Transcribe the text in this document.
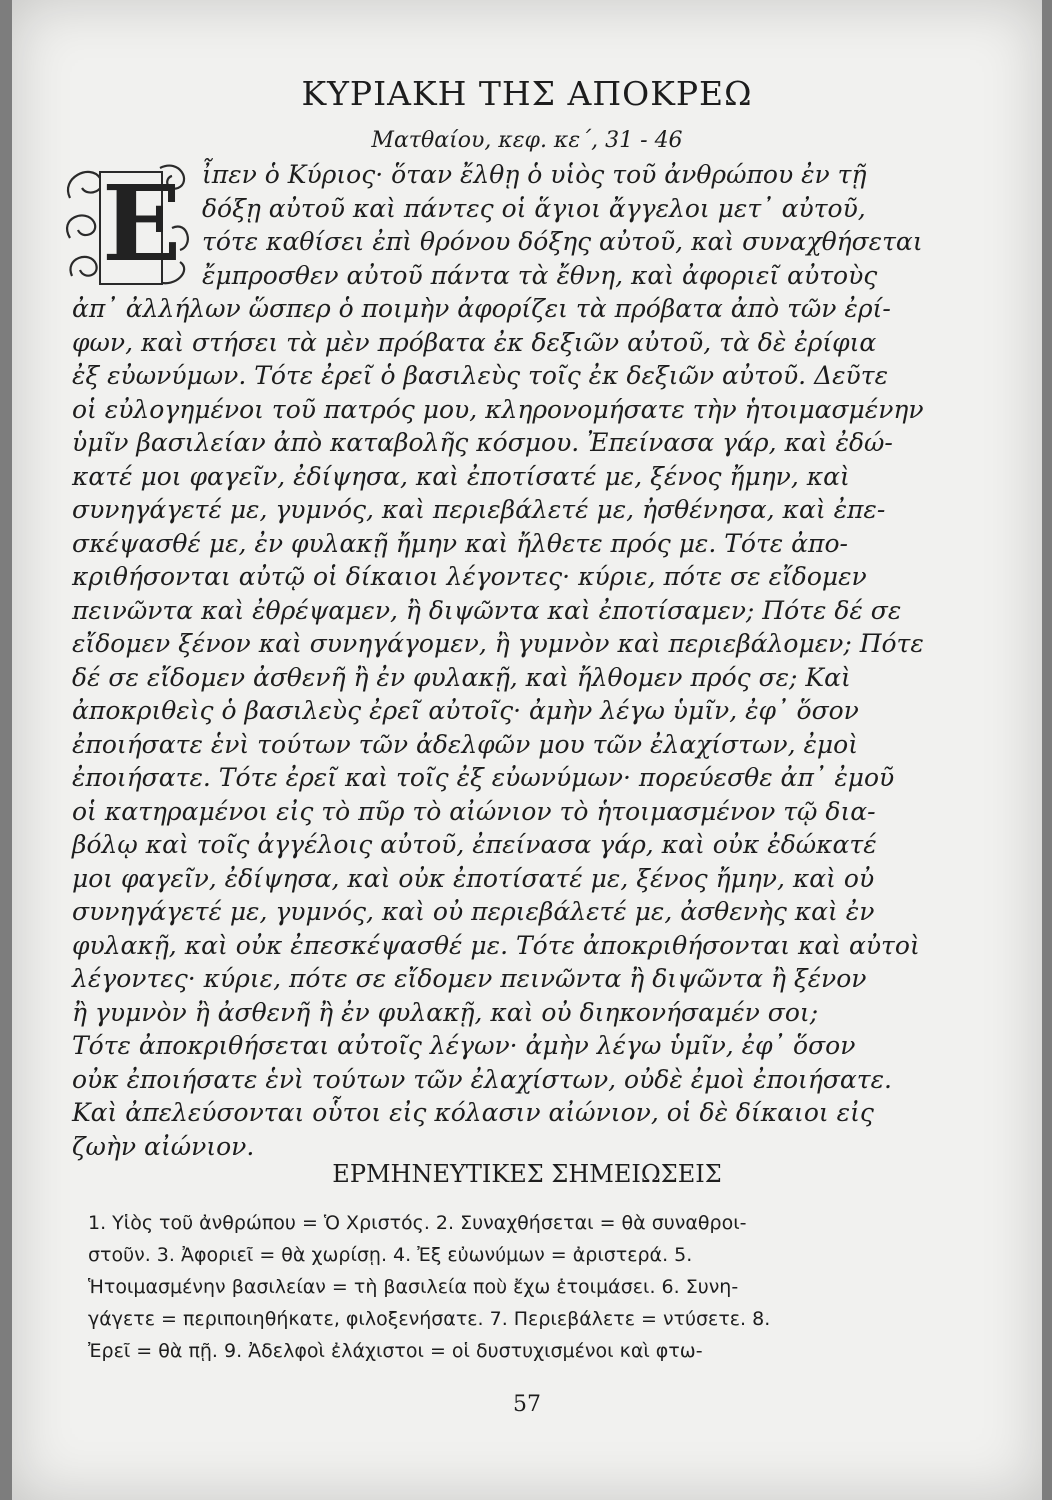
ΚΥΡΙΑΚΗ ΤΗΣ ΑΠΟΚΡΕΩ
Ματθαίου, κεφ. κε΄, 31 - 46
Ε ἶπεν ὁ Κύριος· ὅταν ἔλθῃ ὁ υἱὸς τοῦ ἀνθρώπου ἐν τῇ

δόξῃ αὐτοῦ καὶ πάντες οἱ ἅγιοι ἄγγελοι μετ᾽ αὐτοῦ,

τότε καθίσει ἐπὶ θρόνου δόξης αὐτοῦ, καὶ συναχθήσεται

ἔμπροσθεν αὐτοῦ πάντα τὰ ἔθνη, καὶ ἀφοριεῖ αὐτοὺς

ἀπ᾽ ἀλλήλων ὥσπερ ὁ ποιμὴν ἀφορίζει τὰ πρόβατα ἀπὸ τῶν ἐρί-

φων, καὶ στήσει τὰ μὲν πρόβατα ἐκ δεξιῶν αὐτοῦ, τὰ δὲ ἐρίφια

ἐξ εὐωνύμων. Τότε ἐρεῖ ὁ βασιλεὺς τοῖς ἐκ δεξιῶν αὐτοῦ. Δεῦτε

οἱ εὐλογημένοι τοῦ πατρός μου, κληρονομήσατε τὴν ἡτοιμασμένην

ὑμῖν βασιλείαν ἀπὸ καταβολῆς κόσμου. Ἐπείνασα γάρ, καὶ ἐδώ-

κατέ μοι φαγεῖν, ἐδίψησα, καὶ ἐποτίσατέ με, ξένος ἤμην, καὶ

συνηγάγετέ με, γυμνός, καὶ περιεβάλετέ με, ἠσθένησα, καὶ ἐπε-

σκέψασθέ με, ἐν φυλακῇ ἤμην καὶ ἤλθετε πρός με. Τότε ἀπο-

κριθήσονται αὐτῷ οἱ δίκαιοι λέγοντες· κύριε, πότε σε εἴδομεν

πεινῶντα καὶ ἐθρέψαμεν, ἢ διψῶντα καὶ ἐποτίσαμεν; Πότε δέ σε

εἴδομεν ξένον καὶ συνηγάγομεν, ἢ γυμνὸν καὶ περιεβάλομεν; Πότε

δέ σε εἴδομεν ἀσθενῆ ἢ ἐν φυλακῇ, καὶ ἤλθομεν πρός σε; Καὶ

ἀποκριθεὶς ὁ βασιλεὺς ἐρεῖ αὐτοῖς· ἀμὴν λέγω ὑμῖν, ἐφ᾽ ὅσον

ἐποιήσατε ἑνὶ τούτων τῶν ἀδελφῶν μου τῶν ἐλαχίστων, ἐμοὶ

ἐποιήσατε. Τότε ἐρεῖ καὶ τοῖς ἐξ εὐωνύμων· πορεύεσθε ἀπ᾽ ἐμοῦ

οἱ κατηραμένοι εἰς τὸ πῦρ τὸ αἰώνιον τὸ ἡτοιμασμένον τῷ δια-

βόλῳ καὶ τοῖς ἀγγέλοις αὐτοῦ, ἐπείνασα γάρ, καὶ οὐκ ἐδώκατέ

μοι φαγεῖν, ἐδίψησα, καὶ οὐκ ἐποτίσατέ με, ξένος ἤμην, καὶ οὐ

συνηγάγετέ με, γυμνός, καὶ οὐ περιεβάλετέ με, ἀσθενὴς καὶ ἐν

φυλακῇ, καὶ οὐκ ἐπεσκέψασθέ με. Τότε ἀποκριθήσονται καὶ αὐτοὶ

λέγοντες· κύριε, πότε σε εἴδομεν πεινῶντα ἢ διψῶντα ἢ ξένον

ἢ γυμνὸν ἢ ἀσθενῆ ἢ ἐν φυλακῇ, καὶ οὐ διηκονήσαμέν σοι;

Τότε ἀποκριθήσεται αὐτοῖς λέγων· ἀμὴν λέγω ὑμῖν, ἐφ᾽ ὅσον

οὐκ ἐποιήσατε ἑνὶ τούτων τῶν ἐλαχίστων, οὐδὲ ἐμοὶ ἐποιήσατε.

ΕΡΜΗΝΕΥΤΙΚΕΣ ΣΗΜΕΙΩΣΕΙΣ

1. Υἱὸς τοῦ ἀνθρώπου = Ὁ Χριστός. 2. Συναχθήσεται = θὰ συναθροι-

στοῦν. 3. Ἀφοριεῖ = θὰ χωρίσῃ. 4. Ἐξ εὐωνύμων = ἀριστερά. 5.

Ἡτοιμασμένην βασιλείαν = τὴ βασιλεία ποὺ ἔχω ἑτοιμάσει. 6. Συνη-

γάγετε = περιποιηθήκατε, φιλοξενήσατε. 7. Περιεβάλετε = ντύσετε. 8.

Ἐρεῖ = θὰ πῇ. 9. Ἀδελφοὶ ἐλάχιστοι = οἱ δυστυχισμένοι καὶ φτω-

57

Καὶ ἀπελεύσονται οὗτοι εἰς κόλασιν αἰώνιον, οἱ δὲ δίκαιοι εἰς

ζωὴν αἰώνιον.
